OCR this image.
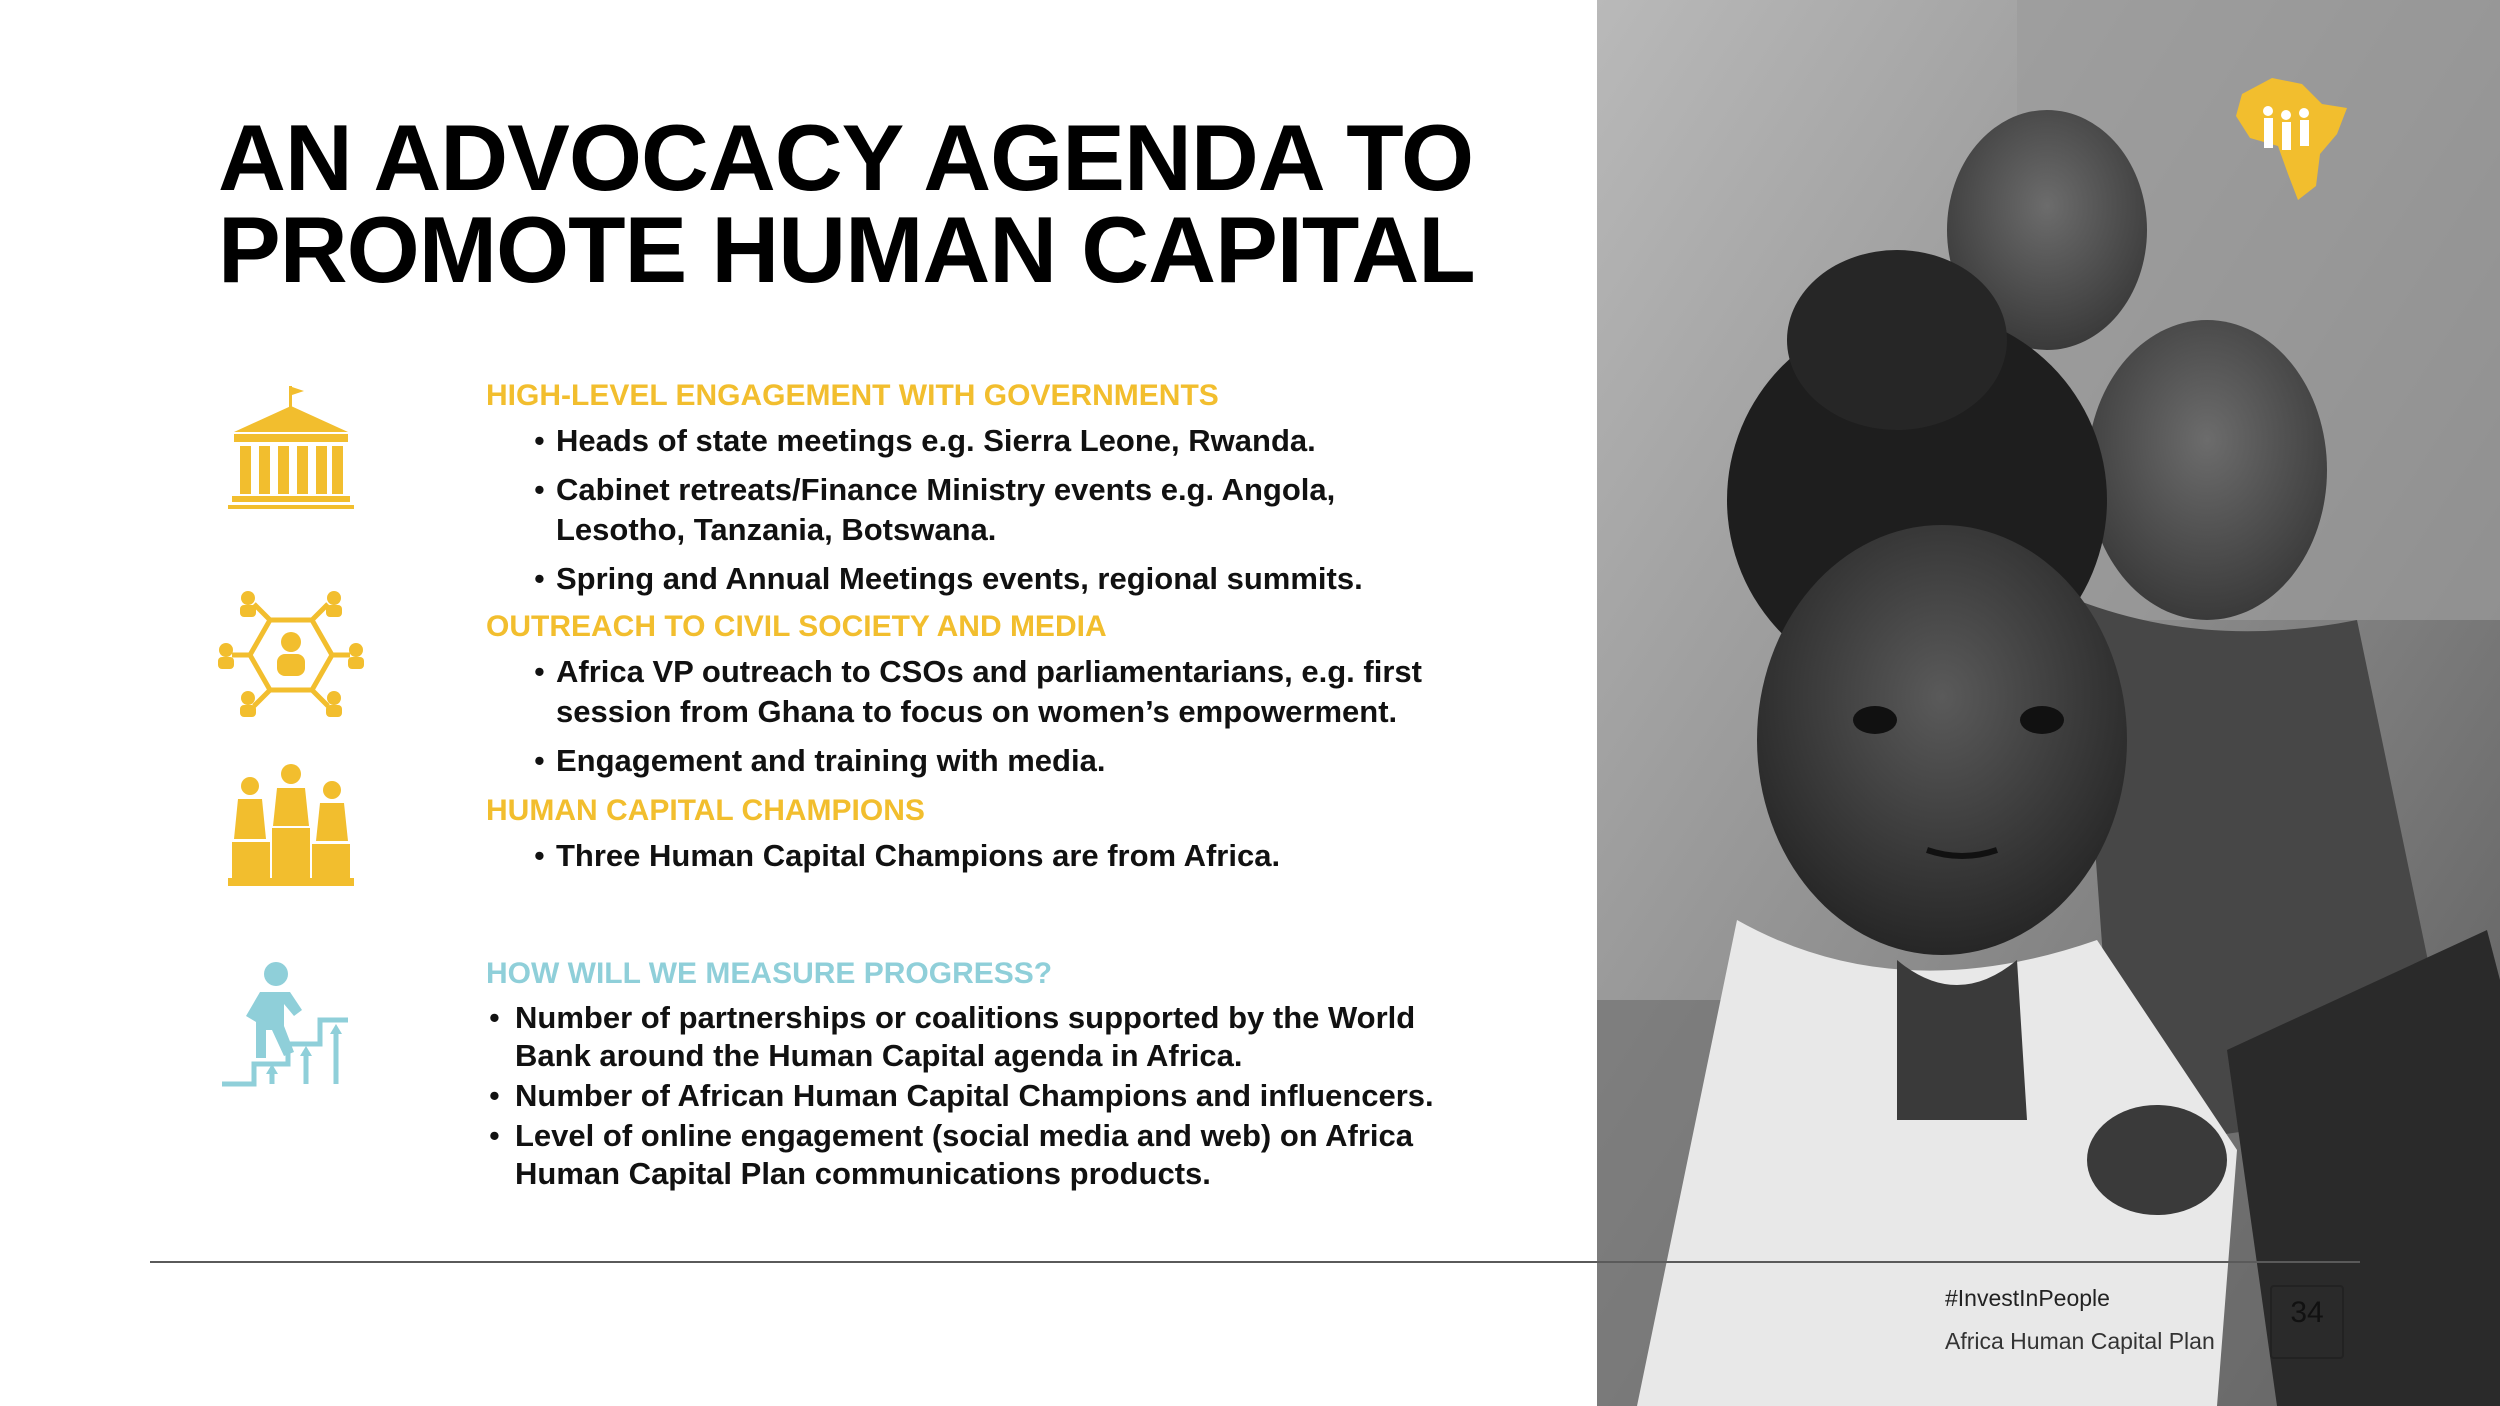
AN ADVOCACY AGENDA TO
PROMOTE HUMAN CAPITAL
HIGH-LEVEL ENGAGEMENT WITH GOVERNMENTS
• Heads of state meetings e.g. Sierra Leone, Rwanda.
• Cabinet retreats/Finance Ministry events e.g. Angola, Lesotho, Tanzania, Botswana.
• Spring and Annual Meetings events, regional summits.
OUTREACH TO CIVIL SOCIETY AND MEDIA
• Africa VP outreach to CSOs and parliamentarians, e.g. first session from Ghana to focus on women’s empowerment.
• Engagement and training with media.
HUMAN CAPITAL CHAMPIONS
• Three Human Capital Champions are from Africa.
HOW WILL WE MEASURE PROGRESS?
• Number of partnerships or coalitions supported by the World Bank around the Human Capital agenda in Africa.
• Number of African Human Capital Champions and influencers.
• Level of online engagement (social media and web) on Africa Human Capital Plan communications products.
#InvestInPeople
Africa Human Capital Plan
34
